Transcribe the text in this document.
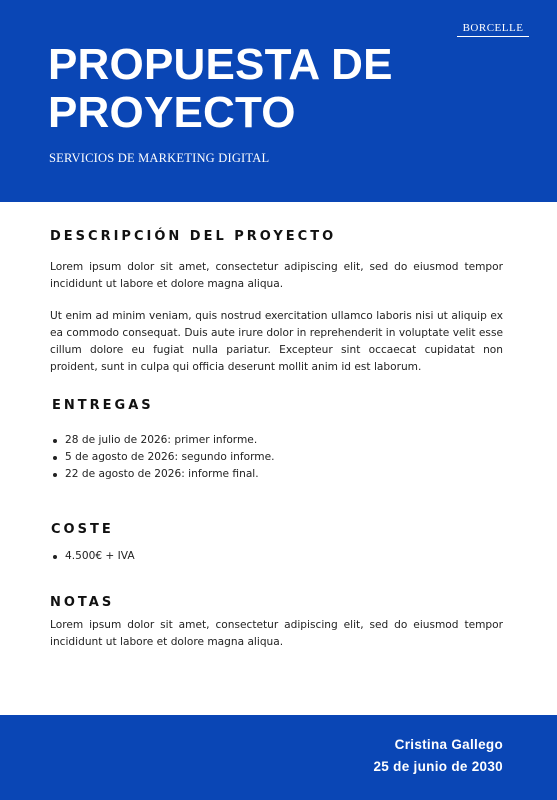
BORCELLE
PROPUESTA DE PROYECTO
SERVICIOS DE MARKETING DIGITAL
DESCRIPCIÓN DEL PROYECTO

Lorem ipsum dolor sit amet, consectetur adipiscing elit, sed do eiusmod tempor incididunt ut labore et dolore magna aliqua.

Ut enim ad minim veniam, quis nostrud exercitation ullamco laboris nisi ut aliquip ex ea commodo consequat. Duis aute irure dolor in reprehenderit in voluptate velit esse cillum dolore eu fugiat nulla pariatur. Excepteur sint occaecat cupidatat non proident, sunt in culpa qui officia deserunt mollit anim id est laborum.

ENTREGAS
28 de julio de 2026: primer informe.
5 de agosto de 2026: segundo informe.
22 de agosto de 2026: informe final.
COSTE
4.500€ + IVA
NOTAS

Lorem ipsum dolor sit amet, consectetur adipiscing elit, sed do eiusmod tempor incididunt ut labore et dolore magna aliqua.

Cristina Gallego
25 de junio de 2030
